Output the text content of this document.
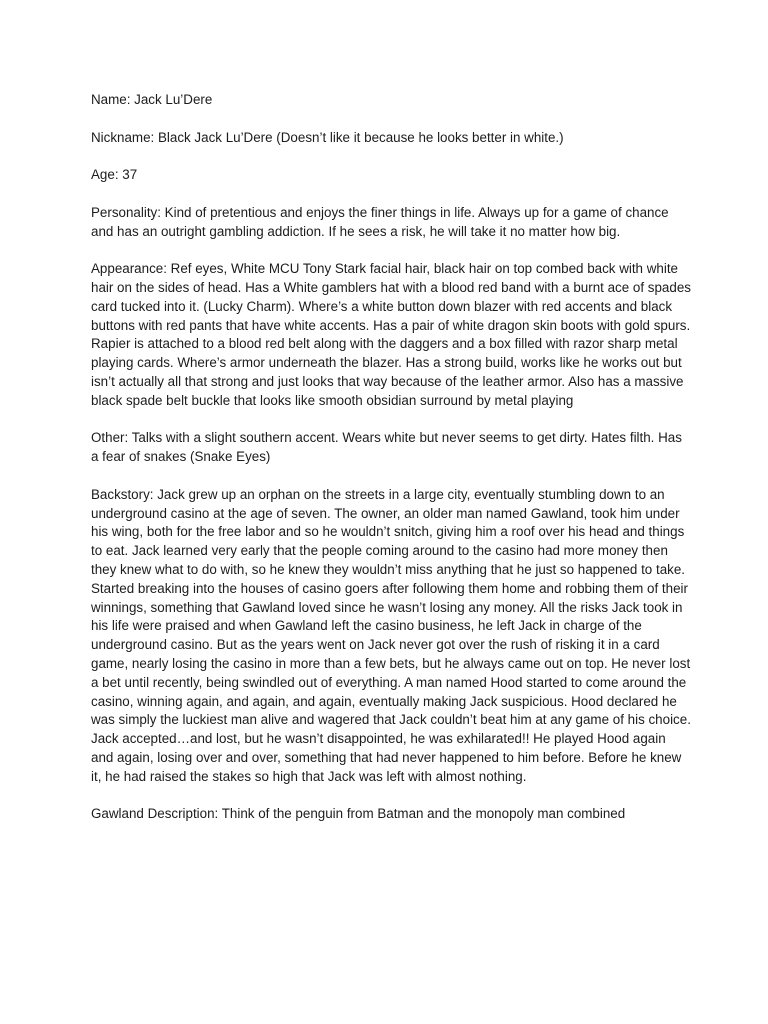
Name: Jack Lu’Dere

Nickname: Black Jack Lu’Dere (Doesn’t like it because he looks better in white.)

Age: 37

Personality: Kind of pretentious and enjoys the finer things in life. Always up for a game of chance and has an outright gambling addiction. If he sees a risk, he will take it no matter how big.

Appearance: Ref eyes, White MCU Tony Stark facial hair, black hair on top combed back with white hair on the sides of head. Has a White gamblers hat with a blood red band with a burnt ace of spades card tucked into it. (Lucky Charm). Where’s a white button down blazer with red accents and black buttons with red pants that have white accents. Has a pair of white dragon skin boots with gold spurs. Rapier is attached to a blood red belt along with the daggers and a box filled with razor sharp metal playing cards. Where’s armor underneath the blazer. Has a strong build, works like he works out but isn’t actually all that strong and just looks that way because of the leather armor. Also has a massive black spade belt buckle that looks like smooth obsidian surround by metal playing

Other: Talks with a slight southern accent. Wears white but never seems to get dirty. Hates filth. Has a fear of snakes (Snake Eyes)

Backstory: Jack grew up an orphan on the streets in a large city, eventually stumbling down to an underground casino at the age of seven. The owner, an older man named Gawland, took him under his wing, both for the free labor and so he wouldn’t snitch, giving him a roof over his head and things to eat. Jack learned very early that the people coming around to the casino had more money then they knew what to do with, so he knew they wouldn’t miss anything that he just so happened to take. Started breaking into the houses of casino goers after following them home and robbing them of their winnings, something that Gawland loved since he wasn’t losing any money. All the risks Jack took in his life were praised and when Gawland left the casino business, he left Jack in charge of the underground casino. But as the years went on Jack never got over the rush of risking it in a card game, nearly losing the casino in more than a few bets, but he always came out on top. He never lost a bet until recently, being swindled out of everything. A man named Hood started to come around the casino, winning again, and again, and again, eventually making Jack suspicious. Hood declared he was simply the luckiest man alive and wagered that Jack couldn’t beat him at any game of his choice. Jack accepted…and lost, but he wasn’t disappointed, he was exhilarated!! He played Hood again and again, losing over and over, something that had never happened to him before. Before he knew it, he had raised the stakes so high that Jack was left with almost nothing.

Gawland Description: Think of the penguin from Batman and the monopoly man combined
